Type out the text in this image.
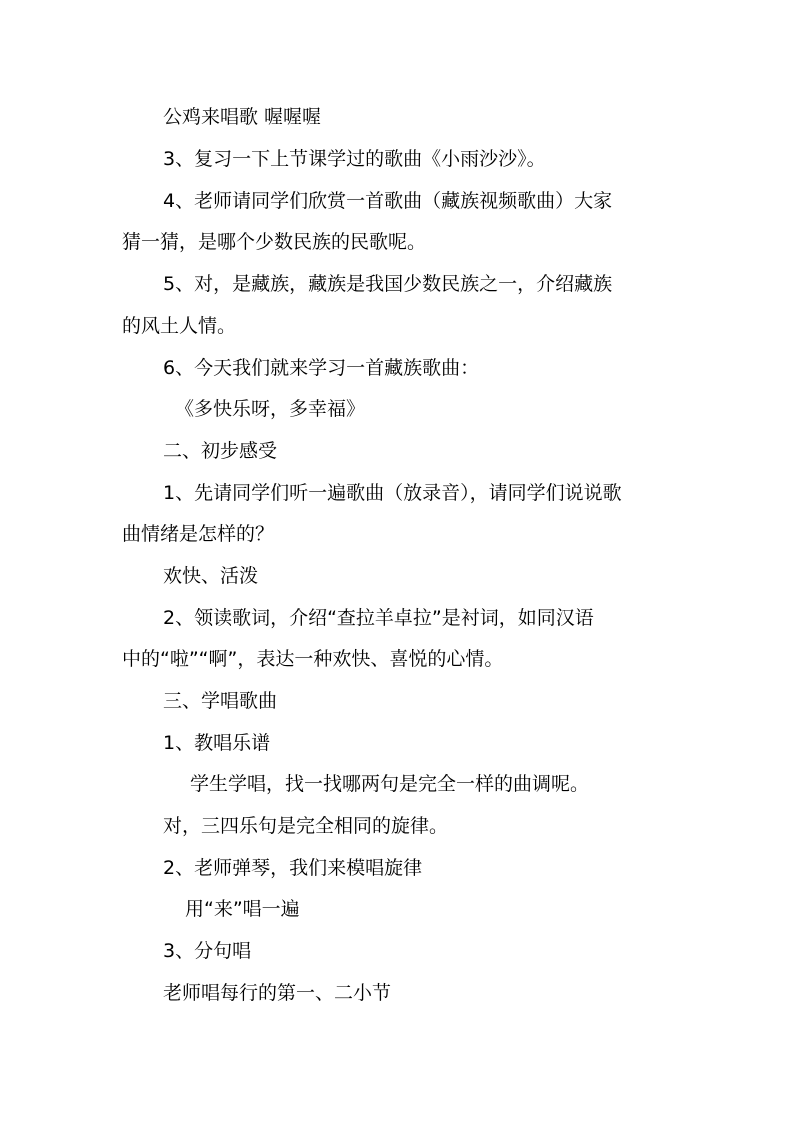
公鸡来唱歌 喔喔喔
3、复习一下上节课学过的歌曲《小雨沙沙》。
4、老师请同学们欣赏一首歌曲（藏族视频歌曲）大家
猜一猜，是哪个少数民族的民歌呢。
5、对，是藏族，藏族是我国少数民族之一，介绍藏族
的风土人情。
6、今天我们就来学习一首藏族歌曲：
《多快乐呀，多幸福》
二、初步感受
1、先请同学们听一遍歌曲（放录音），请同学们说说歌
曲情绪是怎样的？
欢快、活泼
2、领读歌词，介绍“查拉羊卓拉”是衬词，如同汉语
中的“啦”“啊”，表达一种欢快、喜悦的心情。
三、学唱歌曲
1、教唱乐谱
学生学唱，找一找哪两句是完全一样的曲调呢。
对，三四乐句是完全相同的旋律。
2、老师弹琴，我们来模唱旋律
用“来”唱一遍
3、分句唱
老师唱每行的第一、二小节
